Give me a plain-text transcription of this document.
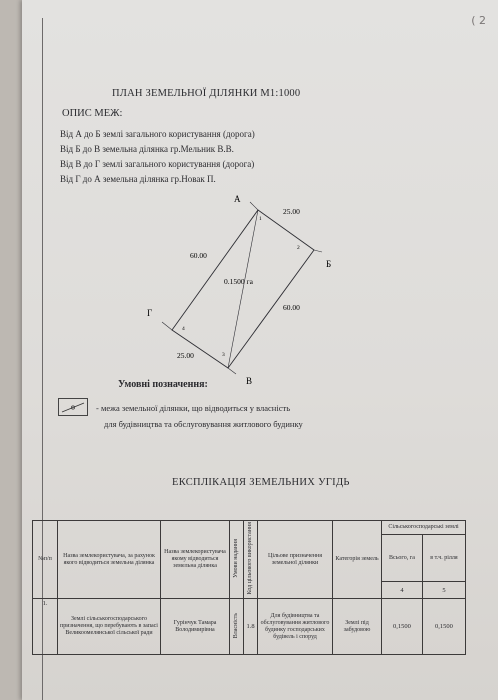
( 2
ПЛАН ЗЕМЕЛЬНОЇ ДІЛЯНКИ М1:1000
ОПИС МЕЖ:
Від А до Б землі загального користування (дорога)
Від Б до В земельна ділянка гр.Мельник В.В.
Від В до Г землі загального користування (дорога)
Від Г до А земельна ділянка гр.Новак П.
А
Б
В
Г
1
2
3
4
25.00
60.00
25.00
60.00
0.1500 га
Умовні позначення:
- межа земельної ділянки, що відводиться у власність
для будівництва та обслуговування житлового будинку
ЕКСПЛІКАЦІЯ ЗЕМЕЛЬНИХ УГІДЬ
№п/п	Назва землекористувача, за рахунок якого відводиться земельна ділянка	Назва землекористувача якому відводиться земельна ділянка	Умови надання	Код цільового використання	Цільове призначення земельної ділянки	Категорія земель	Сільськогосподарські землі	
							Всього, га	в т.ч. рілля
							4	5
1.	Землі сільськогосподарського призначення, що перебувають в запасі Великоомелянської сільської ради	Гурінчук Тамара Володимирівна	Власність	1.8	Для будівництва та обслуговування житлового будинку господарських будівель і споруд	Землі під забудовою	0,1500	0,1500
